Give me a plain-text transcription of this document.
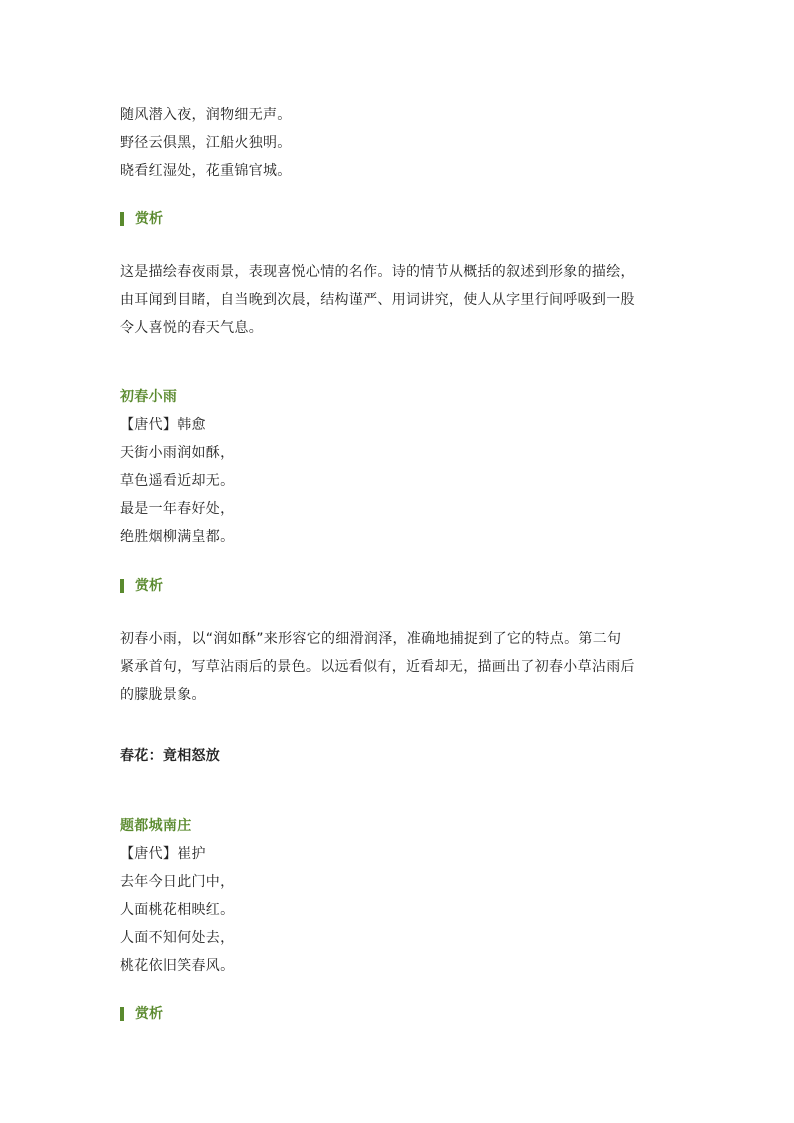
随风潜入夜，润物细无声。
野径云俱黑，江船火独明。
晓看红湿处，花重锦官城。
赏析
这是描绘春夜雨景，表现喜悦心情的名作。诗的情节从概括的叙述到形象的描绘，
由耳闻到目睹，自当晚到次晨，结构谨严、用词讲究，使人从字里行间呼吸到一股
令人喜悦的春天气息。
初春小雨
【唐代】韩愈
天街小雨润如酥，
草色遥看近却无。
最是一年春好处，
绝胜烟柳满皇都。
赏析
初春小雨，以“润如酥”来形容它的细滑润泽，准确地捕捉到了它的特点。第二句
紧承首句，写草沾雨后的景色。以远看似有，近看却无，描画出了初春小草沾雨后
的朦胧景象。
春花：竟相怒放
题都城南庄
【唐代】崔护
去年今日此门中，
人面桃花相映红。
人面不知何处去，
桃花依旧笑春风。
赏析
